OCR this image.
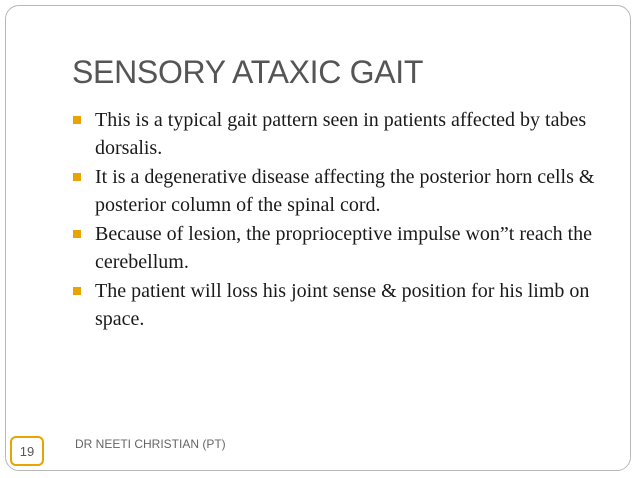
SENSORY ATAXIC GAIT
This is a typical gait pattern seen in patients affected by tabes dorsalis.
It is a degenerative disease affecting the posterior horn cells & posterior column of the spinal cord.
Because of lesion, the proprioceptive impulse won”t reach the cerebellum.
The patient will loss his joint sense & position for his limb on space.
19	DR NEETI CHRISTIAN (PT)
